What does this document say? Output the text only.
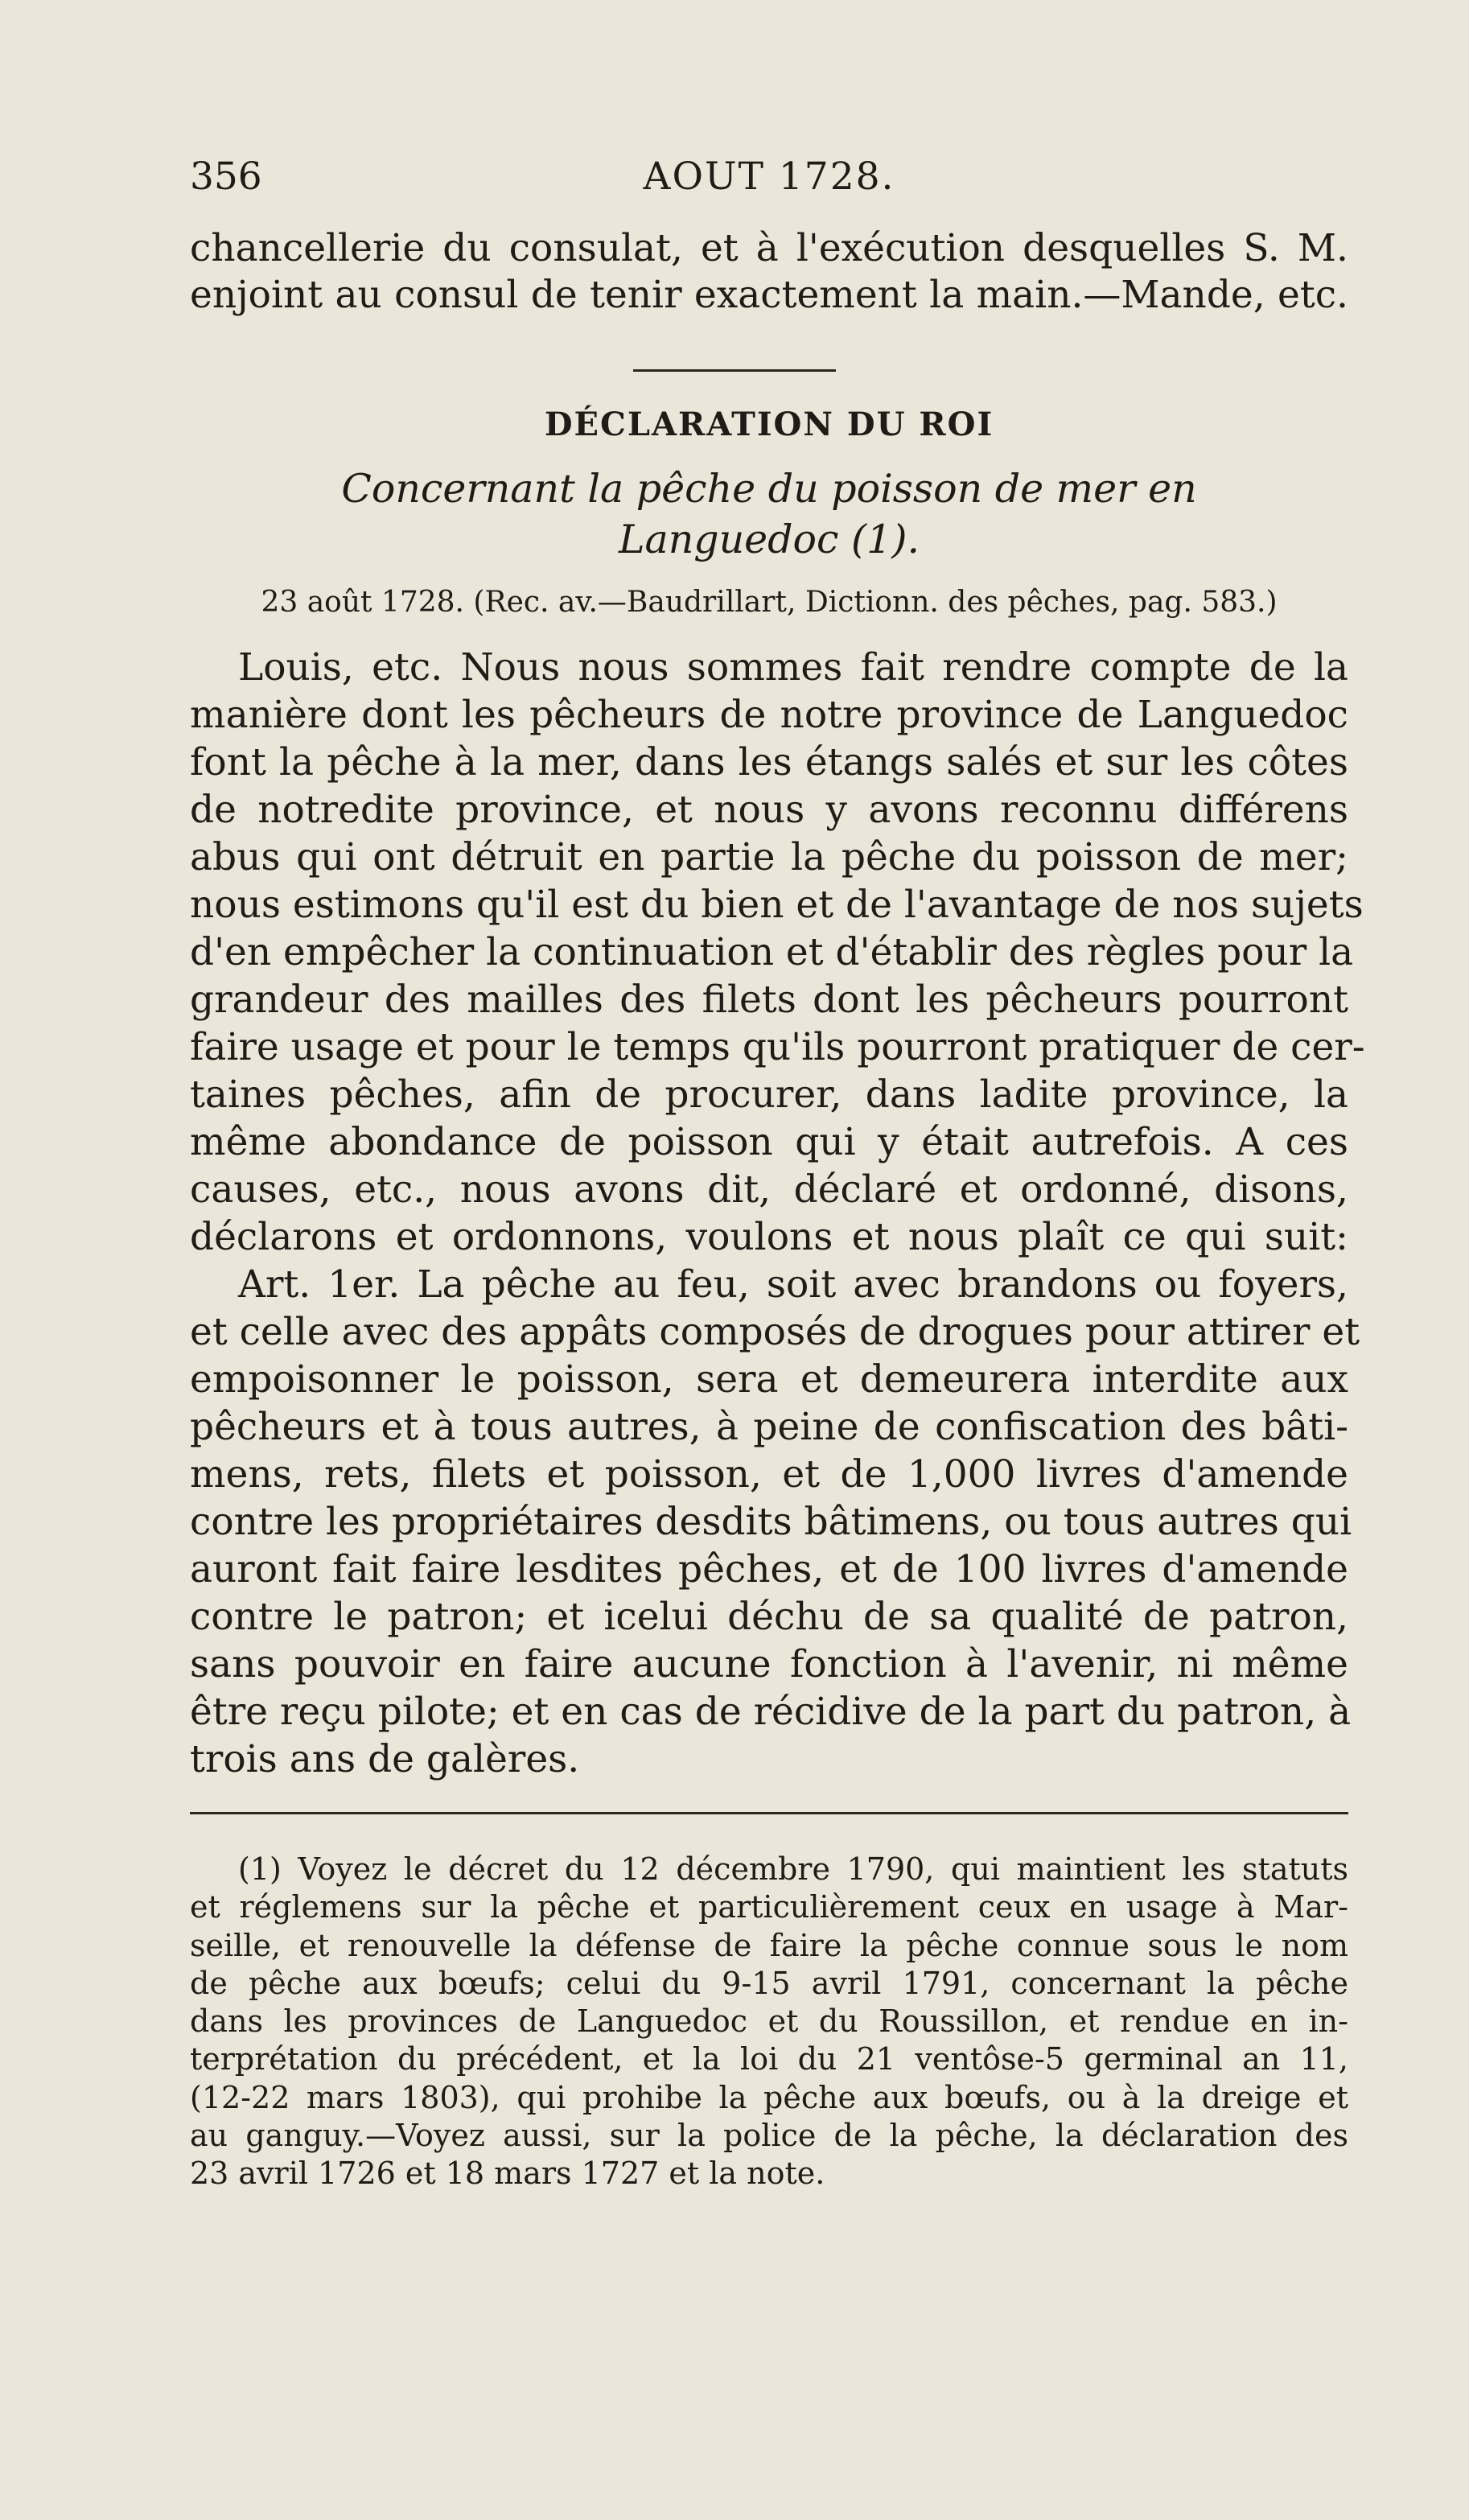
356	AOUT 1728.
chancellerie du consulat, et à l'exécution desquelles S. M.
enjoint au consul de tenir exactement la main.—Mande, etc.
DÉCLARATION DU ROI
Concernant la pêche du poisson de mer en
Languedoc (1).
23 août 1728. (Rec. av.—Baudrillart, Dictionn. des pêches, pag. 583.)
Louis, etc. Nous nous sommes fait rendre compte de la
manière dont les pêcheurs de notre province de Languedoc
font la pêche à la mer, dans les étangs salés et sur les côtes
de notredite province, et nous y avons reconnu différens
abus qui ont détruit en partie la pêche du poisson de mer;
nous estimons qu'il est du bien et de l'avantage de nos sujets
d'en empêcher la continuation et d'établir des règles pour la
grandeur des mailles des filets dont les pêcheurs pourront
faire usage et pour le temps qu'ils pourront pratiquer de cer-
taines pêches, afin de procurer, dans ladite province, la
même abondance de poisson qui y était autrefois. A ces
causes, etc., nous avons dit, déclaré et ordonné, disons,
déclarons et ordonnons, voulons et nous plaît ce qui suit:
Art. 1er. La pêche au feu, soit avec brandons ou foyers,
et celle avec des appâts composés de drogues pour attirer et
empoisonner le poisson, sera et demeurera interdite aux
pêcheurs et à tous autres, à peine de confiscation des bâti-
mens, rets, filets et poisson, et de 1,000 livres d'amende
contre les propriétaires desdits bâtimens, ou tous autres qui
auront fait faire lesdites pêches, et de 100 livres d'amende
contre le patron; et icelui déchu de sa qualité de patron,
sans pouvoir en faire aucune fonction à l'avenir, ni même
être reçu pilote; et en cas de récidive de la part du patron, à
trois ans de galères.
(1) Voyez le décret du 12 décembre 1790, qui maintient les statuts
et réglemens sur la pêche et particulièrement ceux en usage à Mar-
seille, et renouvelle la défense de faire la pêche connue sous le nom
de pêche aux bœufs; celui du 9-15 avril 1791, concernant la pêche
dans les provinces de Languedoc et du Roussillon, et rendue en in-
terprétation du précédent, et la loi du 21 ventôse-5 germinal an 11,
(12-22 mars 1803), qui prohibe la pêche aux bœufs, ou à la dreige et
au ganguy.—Voyez aussi, sur la police de la pêche, la déclaration des
23 avril 1726 et 18 mars 1727 et la note.
